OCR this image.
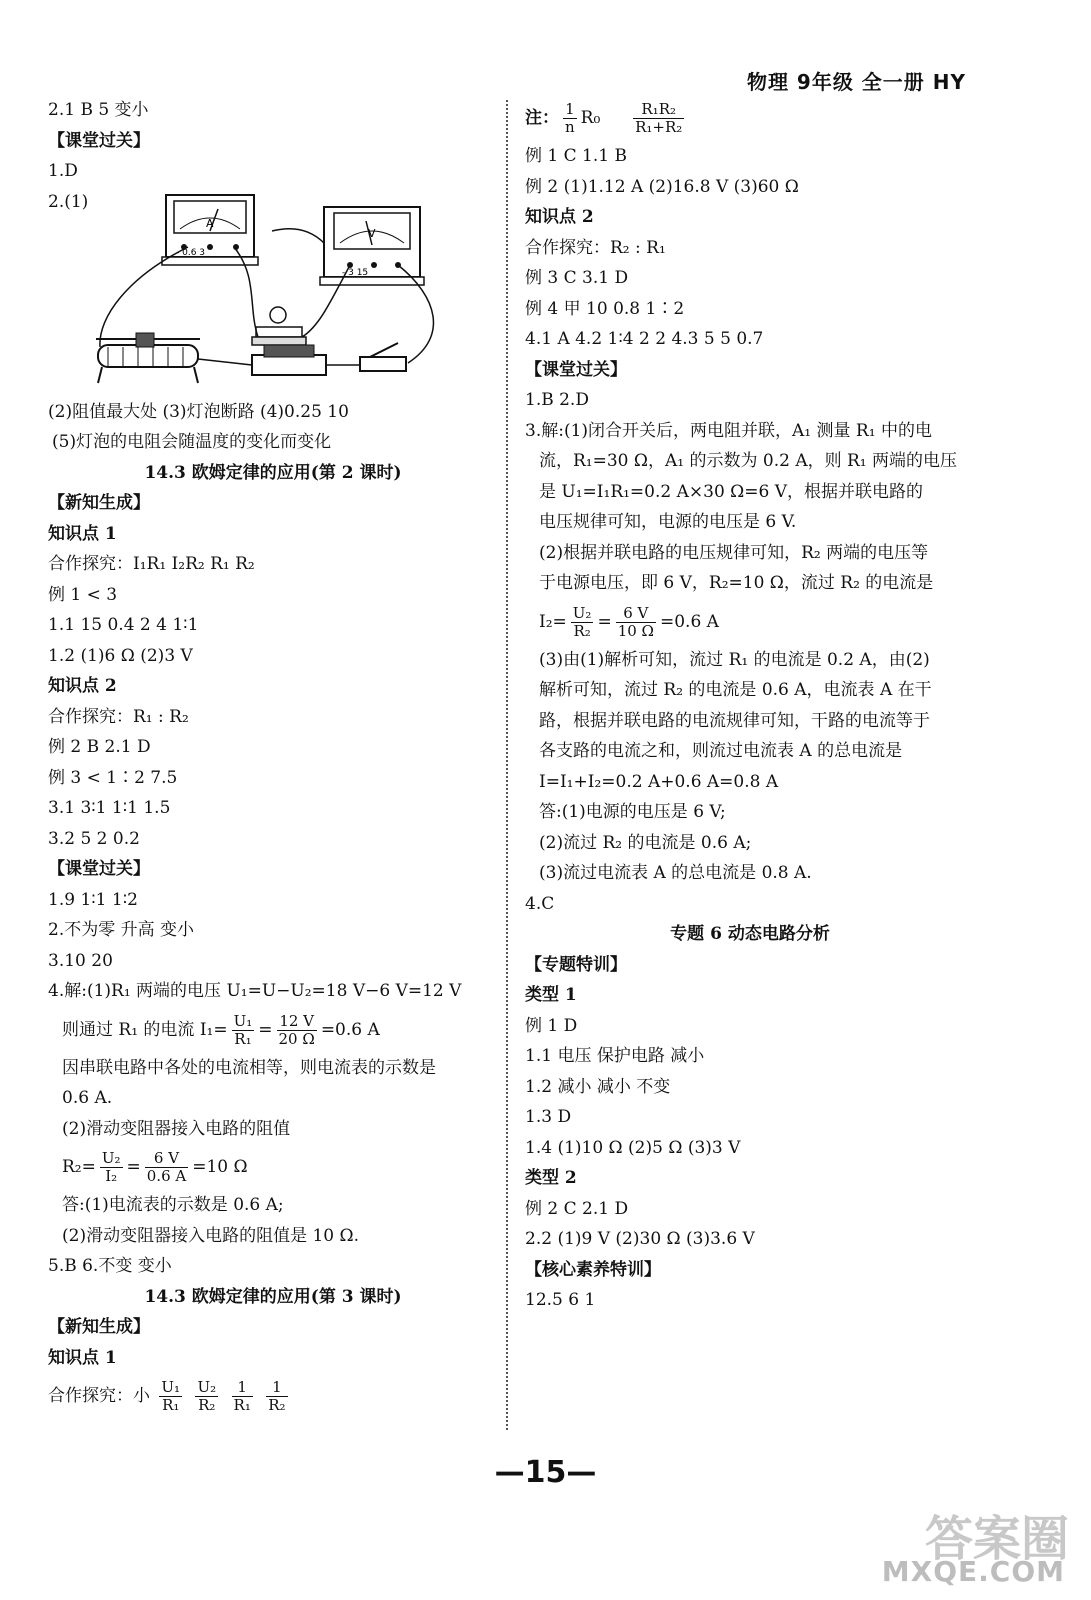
物理 9年级 全一册 HY
2.1 B 5 变小
【课堂过关】
1.D
2.(1)
A
- 0.6 3
V
- 3 15
(2)阻值最大处 (3)灯泡断路 (4)0.25 10
(5)灯泡的电阻会随温度的变化而变化
14.3 欧姆定律的应用(第 2 课时)
【新知生成】
知识点 1
合作探究：I₁R₁ I₂R₂ R₁ R₂
例 1 < 3
1.1 15 0.4 2 4 1∶1
1.2 (1)6 Ω (2)3 V
知识点 2
合作探究：R₁ : R₂
例 2 B 2.1 D
例 3 < 1∶2 7.5
3.1 3∶1 1∶1 1.5
3.2 5 2 0.2
【课堂过关】
1.9 1∶1 1∶2
2.不为零 升高 变小
3.10 20
4.解:(1)R₁ 两端的电压 U₁=U−U₂=18 V−6 V=12 V
则通过 R₁ 的电流 $I_1= \frac{\text{U₁}}{\text{R₁}} = \frac{12 V}{20 \Omega} =0.6$ A
因串联电路中各处的电流相等，则电流表的示数是
0.6 A.
(2)滑动变阻器接入电路的阻值
$R_2= \frac{\text{U₂}}{\text{I₂}} = \frac{6 V}{0.6 A} =10$ Ω
答:(1)电流表的示数是 0.6 A;
(2)滑动变阻器接入电路的阻值是 10 Ω.
5.B 6.不变 变小
14.3 欧姆定律的应用(第 3 课时)
【新知生成】
知识点 1
合作探究：小 $\frac{\text{U₁}}{\text{R₁}}$
$\frac{\text{U₂}}{\text{R₂}}$
$\frac{1}{\text{R₁}}$
$\frac{1}{\text{R₂}}$
注： $\frac{1}{n} R_0 \frac{\text{R₁R₂}}{\text{R₁+R₂}}$
例 1 C 1.1 B
例 2 (1)1.12 A (2)16.8 V (3)60 Ω
知识点 2
合作探究：R₂ : R₁
例 3 C 3.1 D
例 4 甲 10 0.8 1∶2
4.1 A 4.2 1∶4 2 2 4.3 5 5 0.7
【课堂过关】
1.B 2.D
3.解:(1)闭合开关后，两电阻并联，A₁ 测量 R₁ 中的电
流，R₁=30 Ω，A₁ 的示数为 0.2 A，则 R₁ 两端的电压
是 U₁=I₁R₁=0.2 A×30 Ω=6 V，根据并联电路的
电压规律可知，电源的电压是 6 V.
(2)根据并联电路的电压规律可知，R₂ 两端的电压等
于电源电压，即 6 V，R₂=10 Ω，流过 R₂ 的电流是
$I_2= \frac{\text{U₂}}{\text{R₂}} = \frac{6 V}{10 \Omega} =0.6$ A
(3)由(1)解析可知，流过 R₁ 的电流是 0.2 A，由(2)
解析可知，流过 R₂ 的电流是 0.6 A，电流表 A 在干
路，根据并联电路的电流规律可知，干路的电流等于
各支路的电流之和，则流过电流表 A 的总电流是
I=I₁+I₂=0.2 A+0.6 A=0.8 A
答:(1)电源的电压是 6 V;
(2)流过 R₂ 的电流是 0.6 A;
(3)流过电流表 A 的总电流是 0.8 A.
4.C
专题 6 动态电路分析
【专题特训】
类型 1
例 1 D
1.1 电压 保护电路 减小
1.2 减小 减小 不变
1.3 D
1.4 (1)10 Ω (2)5 Ω (3)3 V
类型 2
例 2 C 2.1 D
2.2 (1)9 V (2)30 Ω (3)3.6 V
【核心素养特训】
12.5 6 1
—15—
答案圈
MXQE.COM
